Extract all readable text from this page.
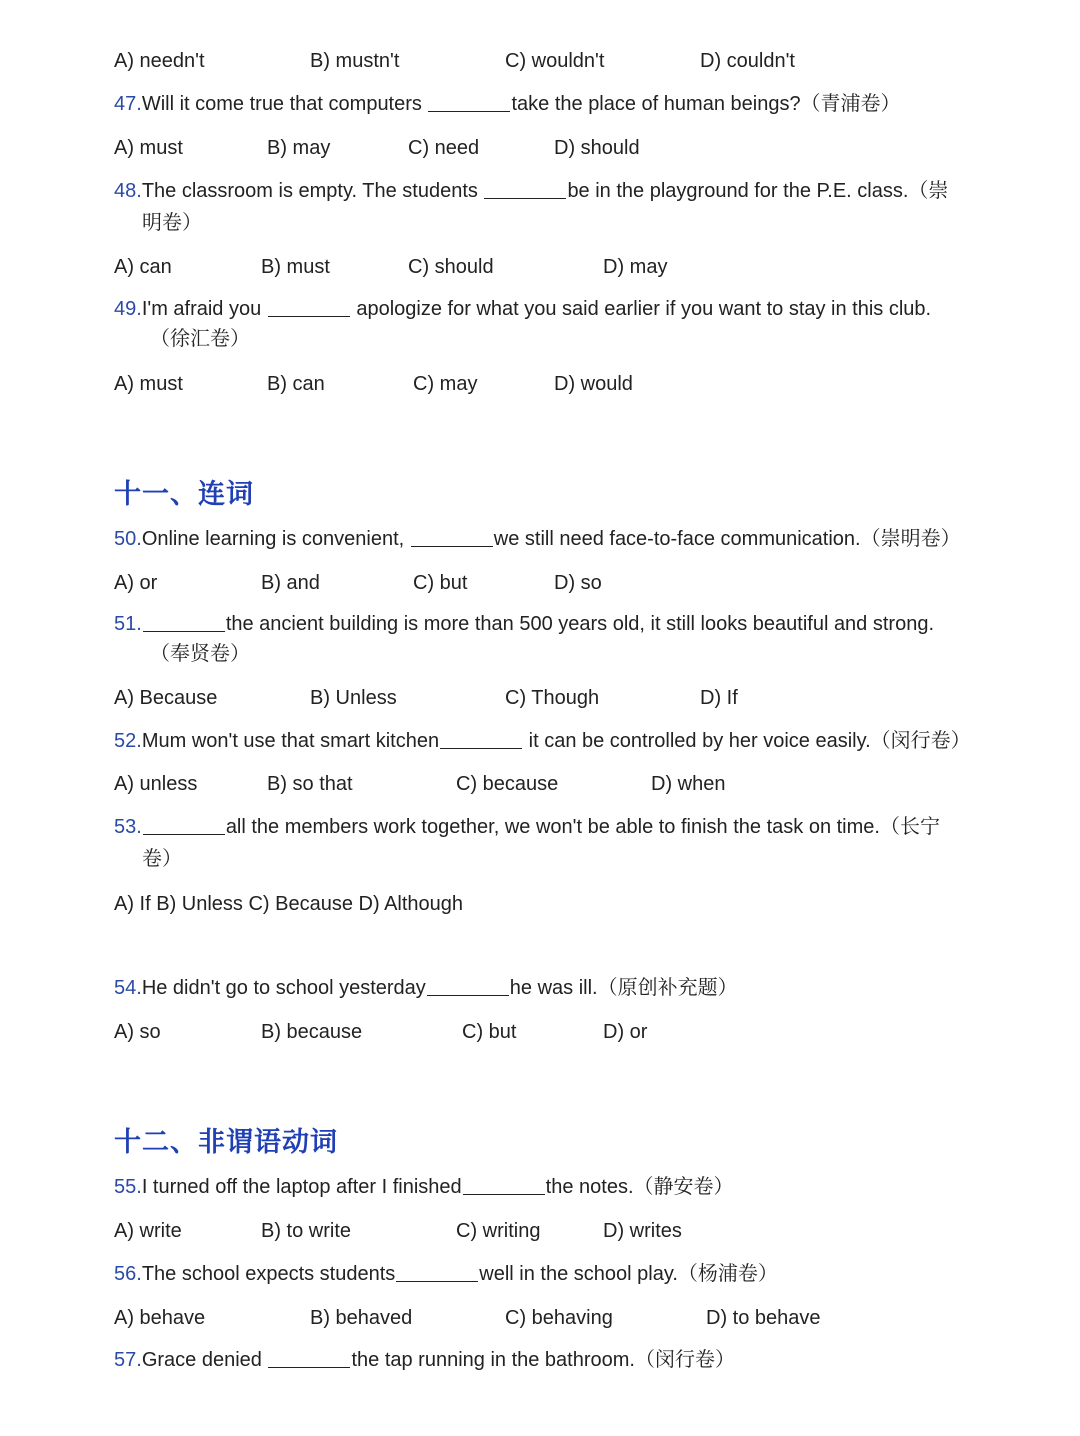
A) needn't	B) mustn't	C) wouldn't	D) couldn't
47.Will it come true that computers	take the place of human beings?（青浦卷）
A) must	B) may	C) need	D) should
48.The classroom is empty. The students	be in the playground for the P.E. class.（崇
明卷）
A) can	B) must	C) should	D) may
49.I'm afraid you	apologize for what you said earlier if you want to stay in this club.
（徐汇卷）
A) must	B) can	C) may	D) would
十一、连词
50.Online learning is convenient,	we still need face-to-face communication.（崇明卷）
A) or	B) and	C) but	D) so
51.	the ancient building is more than 500 years old, it still looks beautiful and strong.
（奉贤卷）
A) Because	B) Unless	C) Though	D) If
52.Mum won't use that smart kitchen	it can be controlled by her voice easily.（闵行卷）
A) unless	B) so that	C) because	D) when
53.	all the members work together, we won't be able to finish the task on time.（长宁
卷）
A) If B) Unless C) Because D) Although
54.He didn't go to school yesterday	he was ill.（原创补充题）
A) so	B) because	C) but	D) or
十二、非谓语动词
55.I turned off the laptop after I finished	the notes.（静安卷）
A) write	B) to write	C) writing	D) writes
56.The school expects students	well in the school play.（杨浦卷）
A) behave	B) behaved	C) behaving	D) to behave
57.Grace denied	the tap running in the bathroom.（闵行卷）
